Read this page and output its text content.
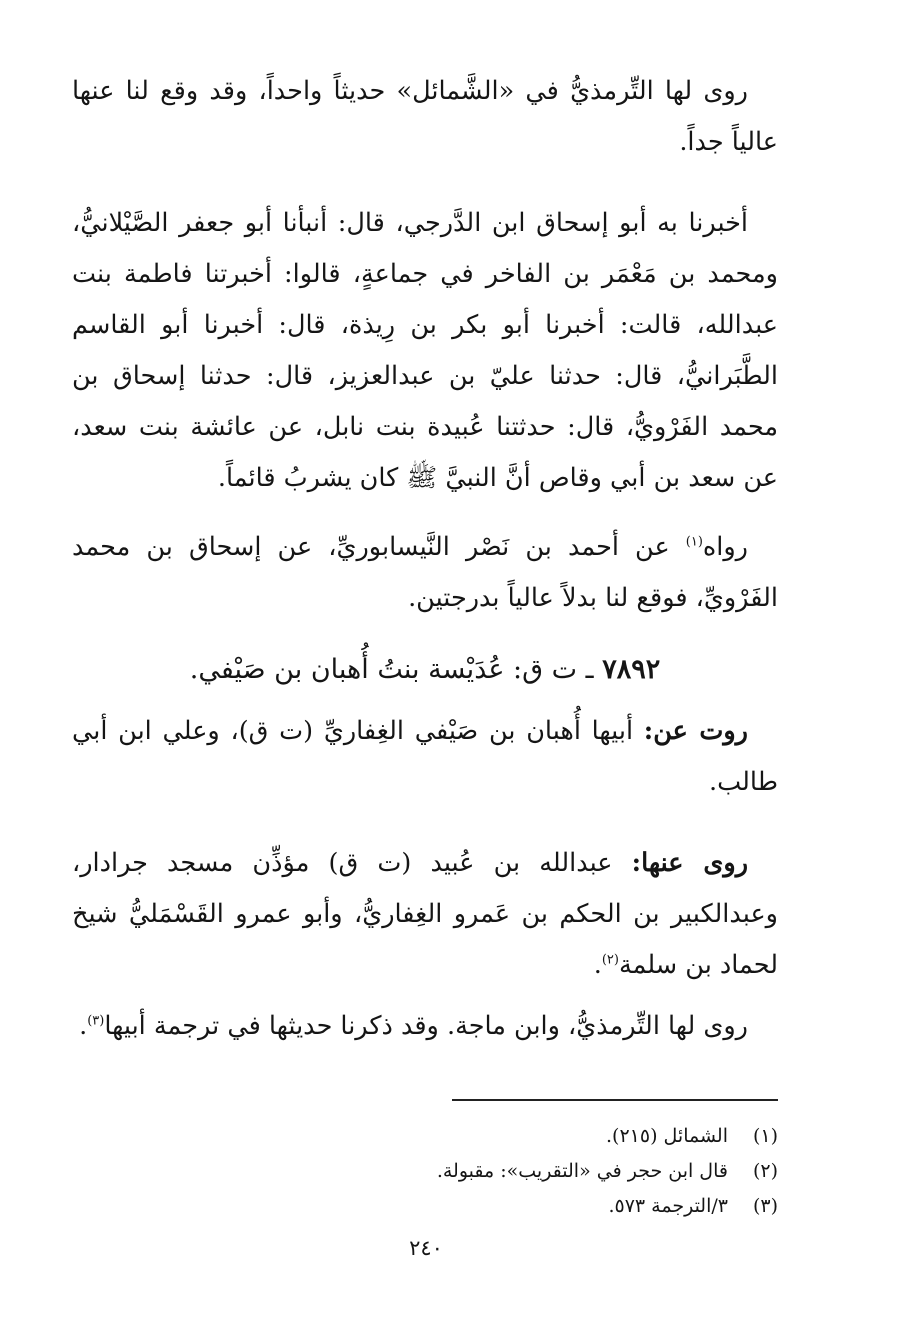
روى لها التِّرمذيُّ في «الشَّمائل» حديثاً واحداً، وقد وقع لنا عنها عالياً جداً.

أخبرنا به أبو إسحاق ابن الدَّرجي، قال: أنبأنا أبو جعفر الصَّيْلانيُّ، ومحمد بن مَعْمَر بن الفاخر في جماعةٍ، قالوا: أخبرتنا فاطمة بنت عبدالله، قالت: أخبرنا أبو بكر بن رِيذة، قال: أخبرنا أبو القاسم الطَّبَرانيُّ، قال: حدثنا عليّ بن عبدالعزيز، قال: حدثنا إسحاق بن محمد الفَرْويُّ، قال: حدثتنا عُبيدة بنت نابل، عن عائشة بنت سعد، عن سعد بن أبي وقاص أنَّ النبيَّ ﷺ كان يشربُ قائماً.

رواه$^{(١)}$ عن أحمد بن نَصْر النَّيسابوريِّ، عن إسحاق بن محمد الفَرْويِّ، فوقع لنا بدلاً عالياً بدرجتين.

٧٨٩٢ ـ ت ق: عُدَيْسة بنتُ أُهبان بن صَيْفي.

روت عن: أبيها أُهبان بن صَيْفي الغِفاريِّ (ت ق)، وعلي ابن أبي طالب.

روى عنها: عبدالله بن عُبيد (ت ق) مؤذِّن مسجد جرادار، وعبدالكبير بن الحكم بن عَمرو الغِفاريُّ، وأبو عمرو القَسْمَليُّ شيخ لحماد بن سلمة$^{(٢)}$.

روى لها التِّرمذيُّ، وابن ماجة. وقد ذكرنا حديثها في ترجمة أبيها$^{(٣)}$.

(١)
الشمائل (٢١٥).

(٢)
قال ابن حجر في «التقريب»: مقبولة.

(٣)
٣/الترجمة ٥٧٣.

٢٤٠
